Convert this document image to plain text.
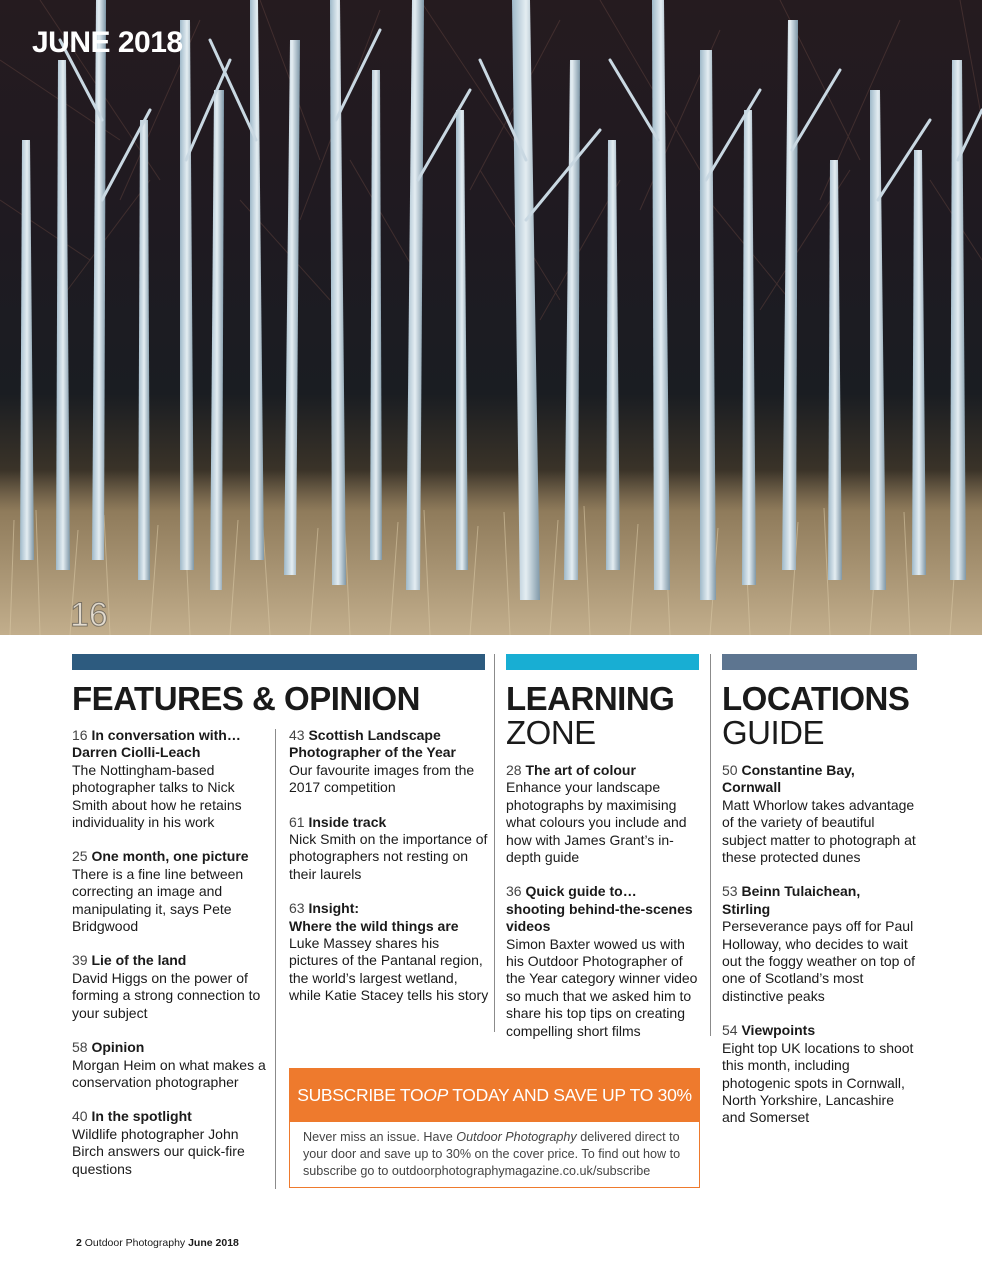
JUNE 2018
16
FEATURES & OPINION	LEARNING
ZONE
LOCATIONS
GUIDE

16 In conversation with…
Darren Ciolli-Leach
The Nottingham-based photographer talks to Nick Smith about how he retains individuality in his work

25 One month, one picture
There is a fine line between correcting an image and manipulating it, says Pete Bridgwood

39 Lie of the land
David Higgs on the power of forming a strong connection to your subject

58 Opinion
Morgan Heim on what makes a conservation photographer

40 In the spotlight
Wildlife photographer John Birch answers our quick-fire questions

43 Scottish Landscape
Photographer of the Year
Our favourite images from the 2017 competition

61 Inside track
Nick Smith on the importance of photographers not resting on their laurels

63 Insight:
Where the wild things are
Luke Massey shares his pictures of the Pantanal region, the world’s largest wetland, while Katie Stacey tells his story

28 The art of colour
Enhance your landscape photographs by maximising what colours you include and how with James Grant’s in-depth guide

36 Quick guide to…
shooting behind-the-scenes videos
Simon Baxter wowed us with his Outdoor Photographer of the Year category winner video so much that we asked him to share his top tips on creating compelling short films

50 Constantine Bay,
Cornwall
Matt Whorlow takes advantage of the variety of beautiful subject matter to photograph at these protected dunes

53 Beinn Tulaichean,
Stirling
Perseverance pays off for Paul Holloway, who decides to wait out the foggy weather on top of one of Scotland’s most distinctive peaks

54 Viewpoints
Eight top UK locations to shoot this month, including photogenic spots in Cornwall, North Yorkshire, Lancashire and Somerset

SUBSCRIBE TO OP TODAY AND SAVE UP TO 30%
Never miss an issue. Have Outdoor Photography delivered direct to your door and save up to 30% on the cover price. To find out how to subscribe go to outdoorphotographymagazine.co.uk/subscribe
2 Outdoor Photography June 2018
